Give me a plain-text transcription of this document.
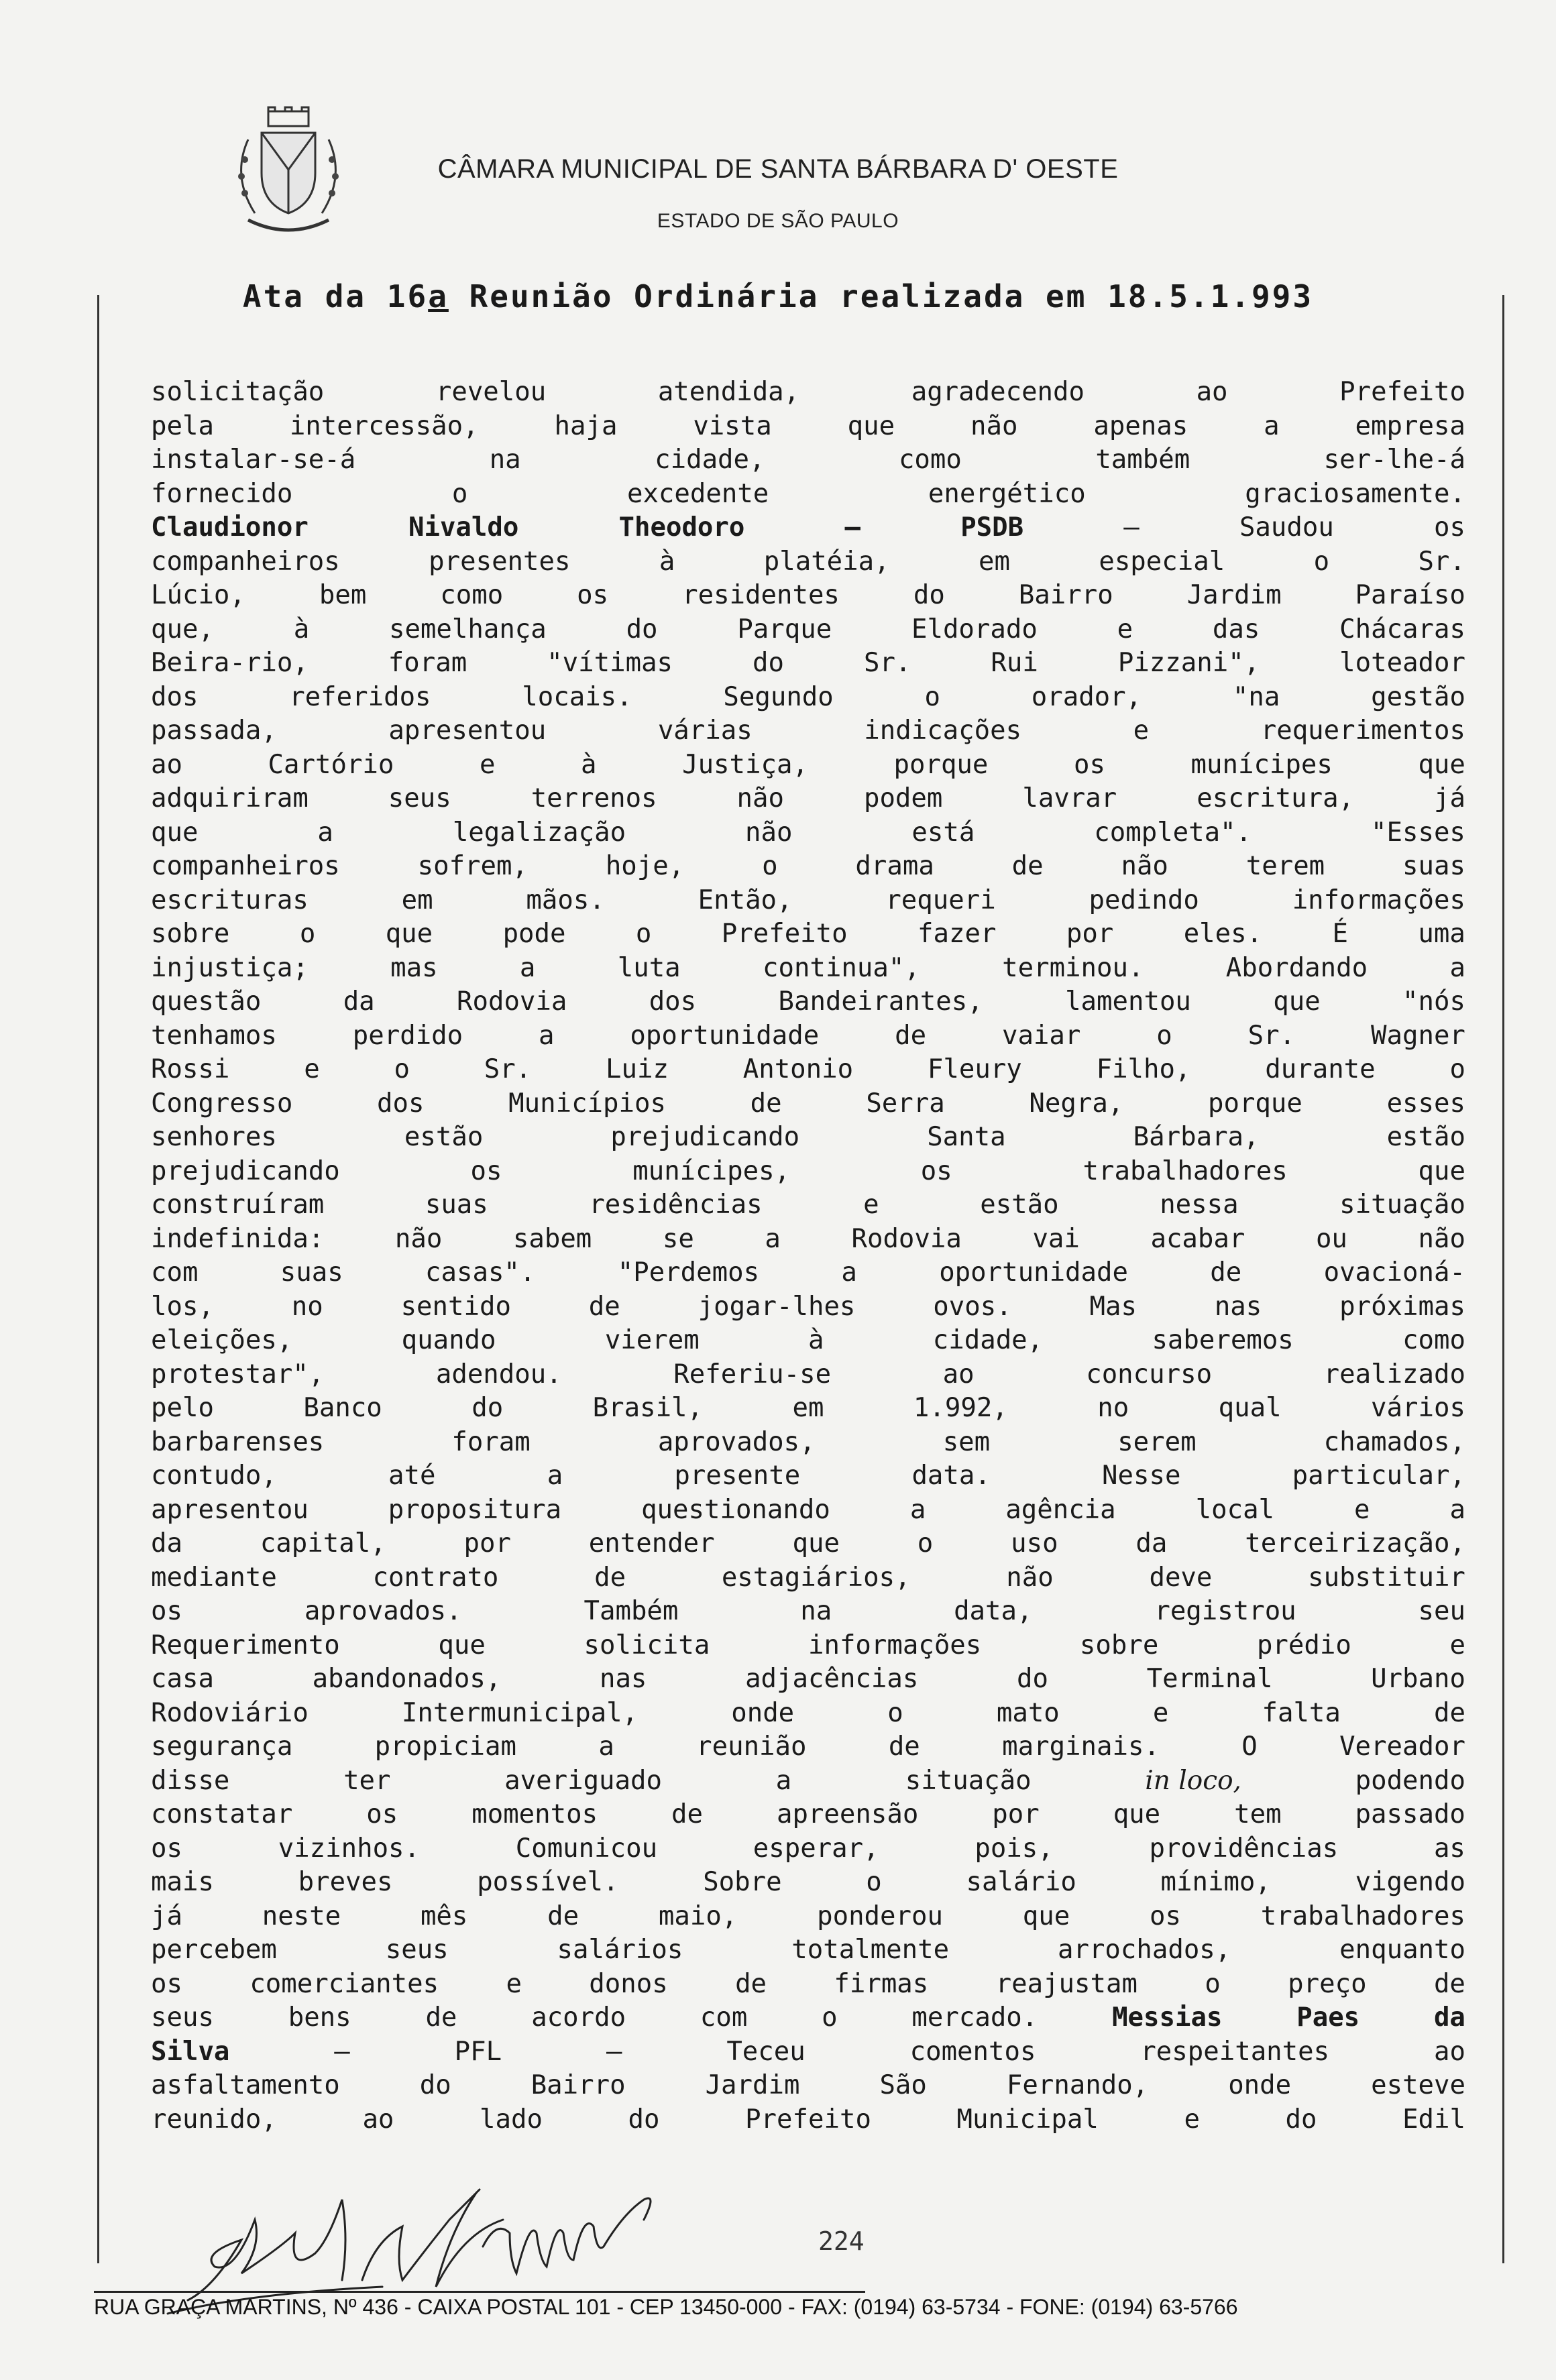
CÂMARA MUNICIPAL DE SANTA BÁRBARA D' OESTE
ESTADO DE SÃO PAULO
Ata da 16a Reunião Ordinária realizada em 18.5.1.993
solicitação	revelou	atendida,	agradecendo	ao	Prefeito
pela	intercessão,	haja	vista	que	não	apenas	a	empresa
instalar-se-á	na	cidade,	como	também	ser-lhe-á
fornecido	o	excedente	energético	graciosamente.
Claudionor	Nivaldo	Theodoro	–	PSDB	–	Saudou	os
companheiros	presentes	à	platéia,	em	especial	o	Sr.
Lúcio,	bem	como	os	residentes	do	Bairro	Jardim	Paraíso
que,	à	semelhança	do	Parque	Eldorado	e	das	Chácaras
Beira-rio,	foram	"vítimas	do	Sr.	Rui	Pizzani",	loteador
dos	referidos	locais.	Segundo	o	orador,	"na	gestão
passada,	apresentou	várias	indicações	e	requerimentos
ao	Cartório	e	à	Justiça,	porque	os	munícipes	que
adquiriram	seus	terrenos	não	podem	lavrar	escritura,	já
que	a	legalização	não	está	completa".	"Esses
companheiros	sofrem,	hoje,	o	drama	de	não	terem	suas
escrituras	em	mãos.	Então,	requeri	pedindo	informações
sobre	o	que	pode	o	Prefeito	fazer	por	eles.	É	uma
injustiça;	mas	a	luta	continua",	terminou.	Abordando	a
questão	da	Rodovia	dos	Bandeirantes,	lamentou	que	"nós
tenhamos	perdido	a	oportunidade	de	vaiar	o	Sr.	Wagner
Rossi	e	o	Sr.	Luiz	Antonio	Fleury	Filho,	durante	o
Congresso	dos	Municípios	de	Serra	Negra,	porque	esses
senhores	estão	prejudicando	Santa	Bárbara,	estão
prejudicando	os	munícipes,	os	trabalhadores	que
construíram	suas	residências	e	estão	nessa	situação
indefinida:	não	sabem	se	a	Rodovia	vai	acabar	ou	não
com	suas	casas".	"Perdemos	a	oportunidade	de	ovacioná-
los,	no	sentido	de	jogar-lhes	ovos.	Mas	nas	próximas
eleições,	quando	vierem	à	cidade,	saberemos	como
protestar",	adendou.	Referiu-se	ao	concurso	realizado
pelo	Banco	do	Brasil,	em	1.992,	no	qual	vários
barbarenses	foram	aprovados,	sem	serem	chamados,
contudo,	até	a	presente	data.	Nesse	particular,
apresentou	propositura	questionando	a	agência	local	e	a
da	capital,	por	entender	que	o	uso	da	terceirização,
mediante	contrato	de	estagiários,	não	deve	substituir
os	aprovados.	Também	na	data,	registrou	seu
Requerimento	que	solicita	informações	sobre	prédio	e
casa	abandonados,	nas	adjacências	do	Terminal	Urbano
Rodoviário	Intermunicipal,	onde	o	mato	e	falta	de
segurança	propiciam	a	reunião	de	marginais.	O	Vereador
disse	ter	averiguado	a	situação	in loco,	podendo
constatar	os	momentos	de	apreensão	por	que	tem	passado
os	vizinhos.	Comunicou	esperar,	pois,	providências	as
mais	breves	possível.	Sobre	o	salário	mínimo,	vigendo
já	neste	mês	de	maio,	ponderou	que	os	trabalhadores
percebem	seus	salários	totalmente	arrochados,	enquanto
os	comerciantes	e	donos	de	firmas	reajustam	o	preço	de
seus	bens	de	acordo	com	o	mercado.	Messias	Paes	da
Silva	–	PFL	–	Teceu	comentos	respeitantes	ao
asfaltamento	do	Bairro	Jardim	São	Fernando,	onde	esteve
reunido,	ao	lado	do	Prefeito	Municipal	e	do	Edil
224
RUA GRAÇA MARTINS, Nº 436 - CAIXA POSTAL 101 - CEP 13450-000 - FAX: (0194) 63-5734 - FONE: (0194) 63-5766
